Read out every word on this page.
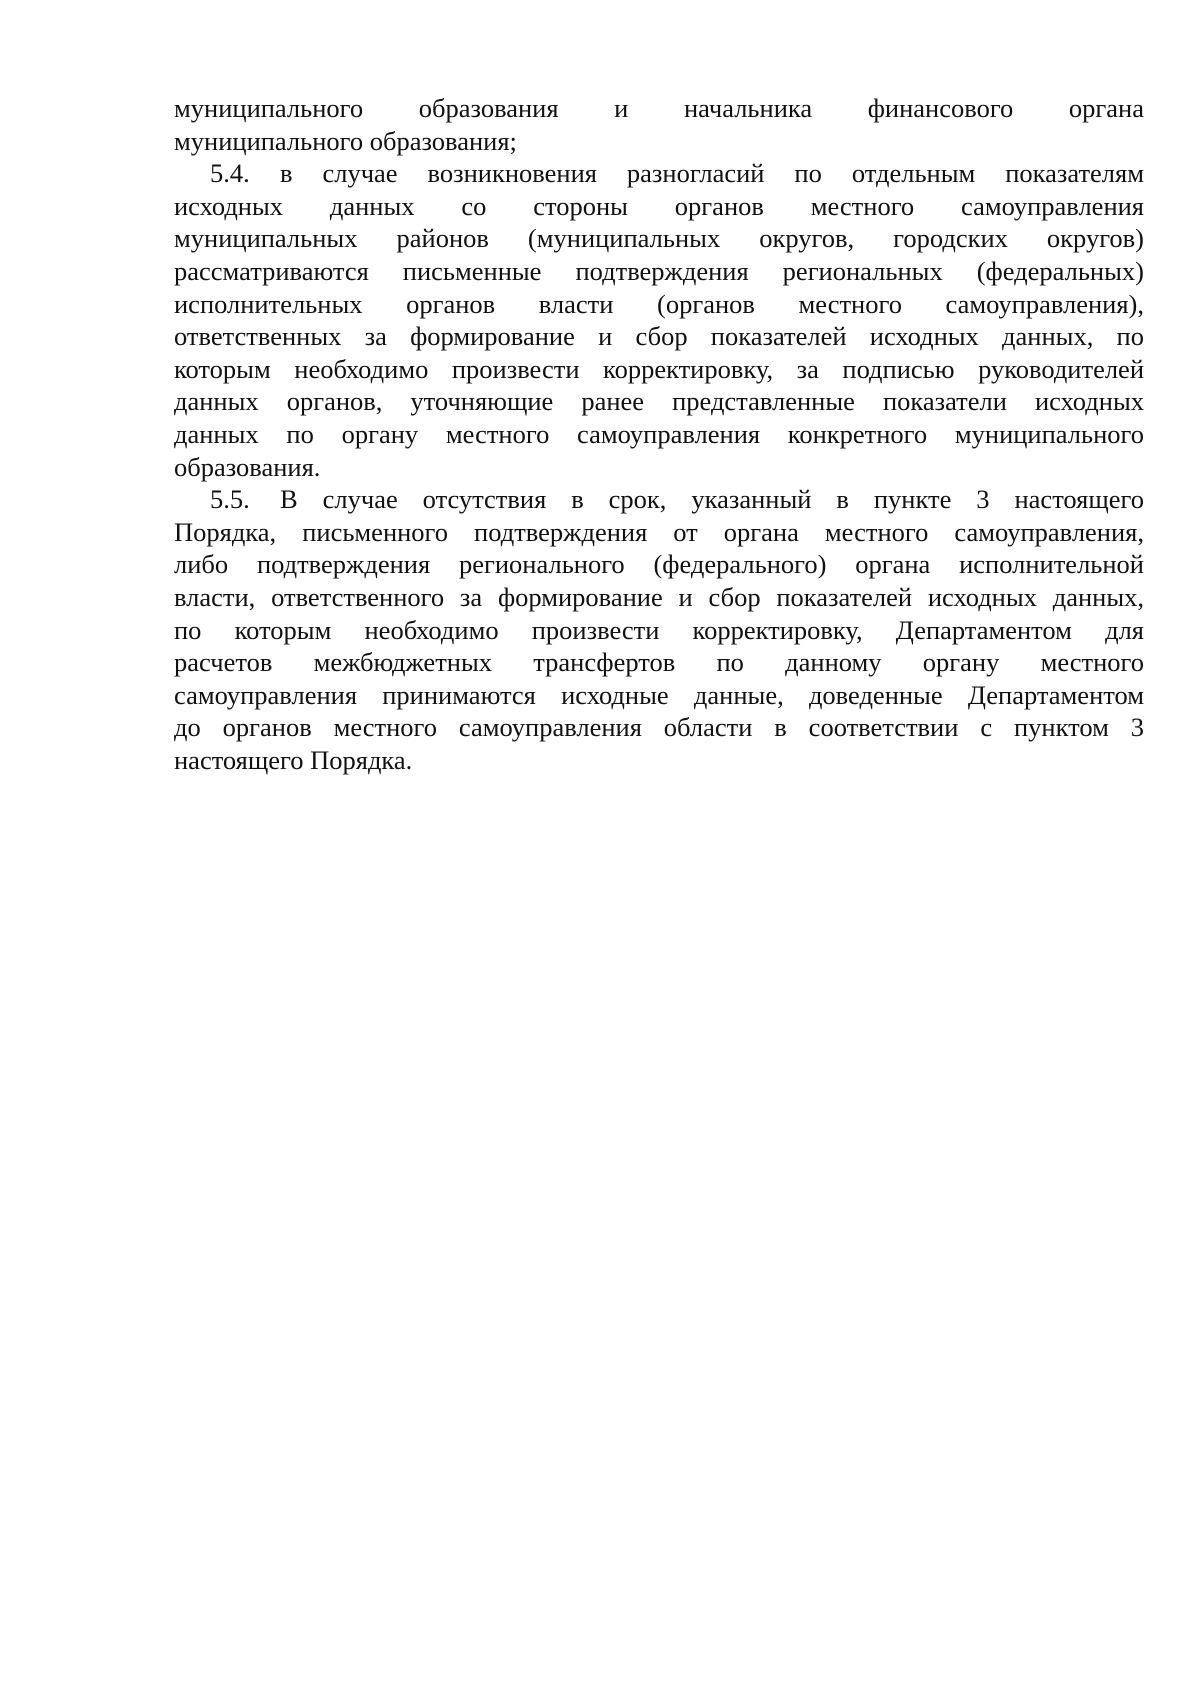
муниципального образования и начальника финансового органа
муниципального образования;
5.4.	в случае возникновения разногласий по отдельным показателям
исходных данных со стороны органов местного самоуправления
муниципальных районов (муниципальных округов, городских округов)
рассматриваются письменные подтверждения региональных (федеральных)
исполнительных органов власти (органов местного самоуправления),
ответственных за формирование и сбор показателей исходных данных, по
которым необходимо произвести корректировку, за подписью руководителей
данных органов, уточняющие ранее представленные показатели исходных
данных по органу местного самоуправления конкретного муниципального
образования.
5.5.	В случае отсутствия в срок, указанный в пункте 3 настоящего
Порядка, письменного подтверждения от органа местного самоуправления,
либо подтверждения регионального (федерального) органа исполнительной
власти, ответственного за формирование и сбор показателей исходных данных,
по которым необходимо произвести корректировку, Департаментом для
расчетов межбюджетных трансфертов по данному органу местного
самоуправления принимаются исходные данные, доведенные Департаментом
до органов местного самоуправления области в соответствии с пунктом 3
настоящего Порядка.
